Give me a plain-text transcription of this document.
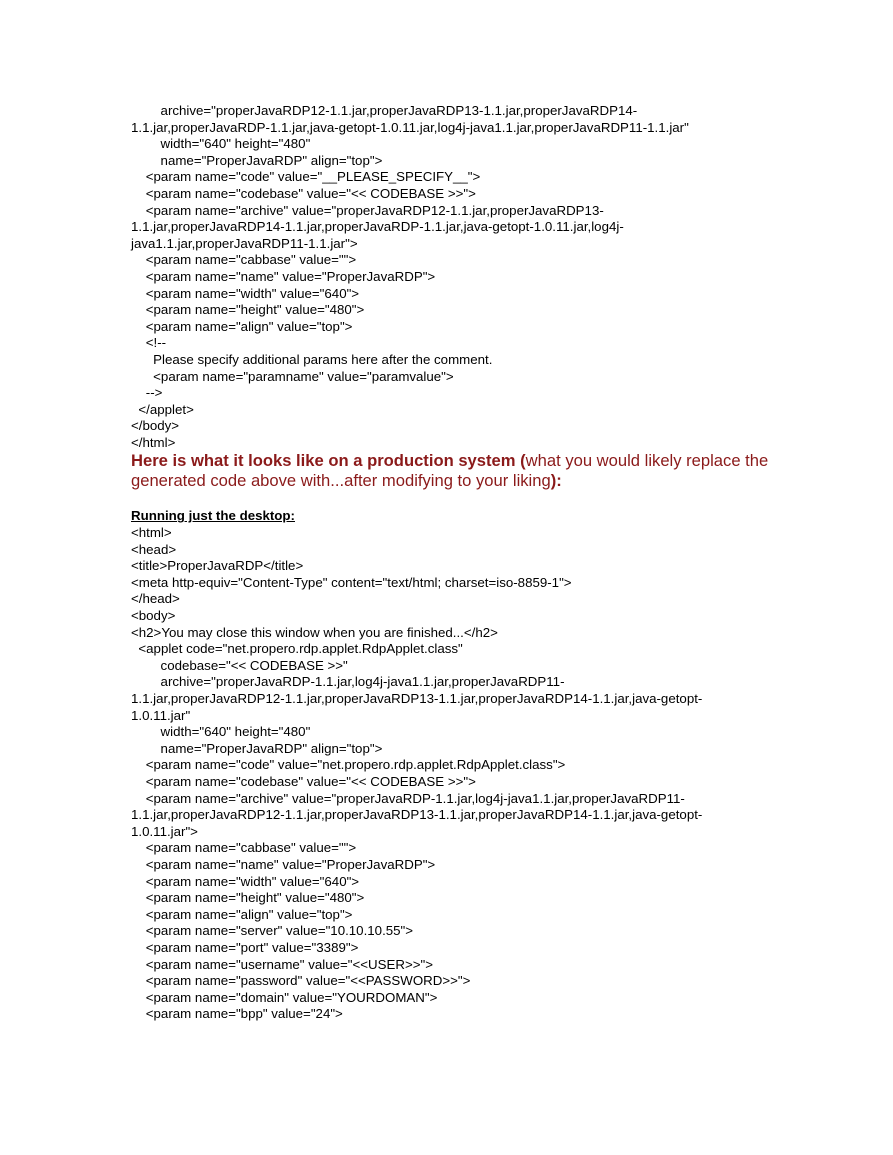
archive="properJavaRDP12-1.1.jar,properJavaRDP13-1.1.jar,properJavaRDP14-

1.1.jar,properJavaRDP-1.1.jar,java-getopt-1.0.11.jar,log4j-java1.1.jar,properJavaRDP11-1.1.jar"

width="640" height="480"

name="ProperJavaRDP" align="top">

<param name="code" value="__PLEASE_SPECIFY__">

<param name="codebase" value="<< CODEBASE >>">

<param name="archive" value="properJavaRDP12-1.1.jar,properJavaRDP13-

1.1.jar,properJavaRDP14-1.1.jar,properJavaRDP-1.1.jar,java-getopt-1.0.11.jar,log4j-

java1.1.jar,properJavaRDP11-1.1.jar">

<param name="cabbase" value="">

<param name="name" value="ProperJavaRDP">

<param name="width" value="640">

<param name="height" value="480">

<param name="align" value="top">

<!--

Please specify additional params here after the comment.

<param name="paramname" value="paramvalue">

-->

</applet>

</body>

</html>

Here is what it looks like on a production system (what you would likely replace the generated code above with...after modifying to your liking):

Running just the desktop:

<html>

<head>

<title>ProperJavaRDP</title>

<meta http-equiv="Content-Type" content="text/html; charset=iso-8859-1">

</head>

<body>

<h2>You may close this window when you are finished...</h2>

<applet code="net.propero.rdp.applet.RdpApplet.class"

codebase="<< CODEBASE >>"

archive="properJavaRDP-1.1.jar,log4j-java1.1.jar,properJavaRDP11-

1.1.jar,properJavaRDP12-1.1.jar,properJavaRDP13-1.1.jar,properJavaRDP14-1.1.jar,java-getopt-

1.0.11.jar"

width="640" height="480"

name="ProperJavaRDP" align="top">

<param name="code" value="net.propero.rdp.applet.RdpApplet.class">

<param name="codebase" value="<< CODEBASE >>">

<param name="archive" value="properJavaRDP-1.1.jar,log4j-java1.1.jar,properJavaRDP11-

1.1.jar,properJavaRDP12-1.1.jar,properJavaRDP13-1.1.jar,properJavaRDP14-1.1.jar,java-getopt-

1.0.11.jar">

<param name="cabbase" value="">

<param name="name" value="ProperJavaRDP">

<param name="width" value="640">

<param name="height" value="480">

<param name="align" value="top">

<param name="server" value="10.10.10.55">

<param name="port" value="3389">

<param name="username" value="<<USER>>">

<param name="password" value="<<PASSWORD>>">

<param name="domain" value="YOURDOMAN">

<param name="bpp" value="24">
